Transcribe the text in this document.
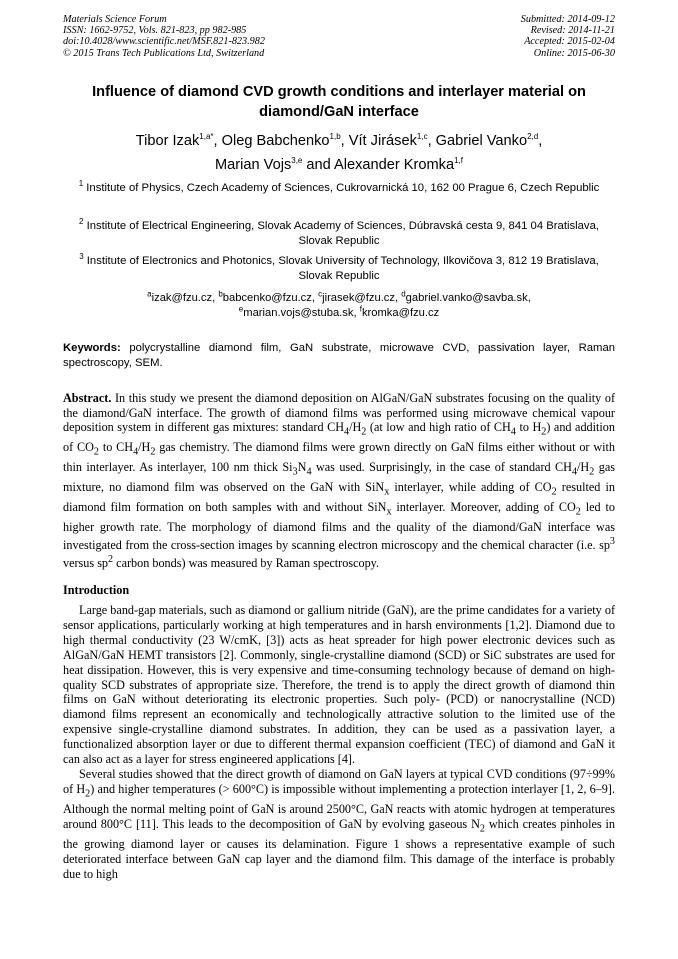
Materials Science Forum
ISSN: 1662-9752, Vols. 821-823, pp 982-985
doi:10.4028/www.scientific.net/MSF.821-823.982
© 2015 Trans Tech Publications Ltd, Switzerland
Submitted: 2014-09-12
Revised: 2014-11-21
Accepted: 2015-02-04
Online: 2015-06-30
Influence of diamond CVD growth conditions and interlayer material on diamond/GaN interface
Tibor Izak$^{1,a*}$, Oleg Babchenko$^{1,b}$, Vít Jirásek$^{1,c}$, Gabriel Vanko$^{2,d}$,
Marian Vojs$^{3,e}$ and Alexander Kromka$^{1,f}$
$^1$ Institute of Physics, Czech Academy of Sciences, Cukrovarnická 10, 162 00 Prague 6, Czech Republic
$^2$ Institute of Electrical Engineering, Slovak Academy of Sciences, Dúbravská cesta 9, 841 04 Bratislava, Slovak Republic
$^3$ Institute of Electronics and Photonics, Slovak University of Technology, Ilkovičova 3, 812 19 Bratislava, Slovak Republic
$^a$izak@fzu.cz, $^b$babcenko@fzu.cz, $^c$jirasek@fzu.cz, $^d$gabriel.vanko@savba.sk,
$^e$marian.vojs@stuba.sk, $^f$kromka@fzu.cz
Keywords: polycrystalline diamond film, GaN substrate, microwave CVD, passivation layer, Raman spectroscopy, SEM.
Abstract. In this study we present the diamond deposition on AlGaN/GaN substrates focusing on the quality of the diamond/GaN interface. The growth of diamond films was performed using microwave chemical vapour deposition system in different gas mixtures: standard $CH_4/H_2$ (at low and high ratio of $CH_4$ to $H_2$) and addition of $CO_2$ to $CH_4/H_2$ gas chemistry. The diamond films were grown directly on GaN films either without or with thin interlayer. As interlayer, 100 nm thick $Si_3N_4$ was used. Surprisingly, in the case of standard $CH_4/H_2$ gas mixture, no diamond film was observed on the GaN with SiN$_x$ interlayer, while adding of $CO_2$ resulted in diamond film formation on both samples with and without SiN$_x$ interlayer. Moreover, adding of $CO_2$ led to higher growth rate. The morphology of diamond films and the quality of the diamond/GaN interface was investigated from the cross-section images by scanning electron microscopy and the chemical character (i.e. $sp^3$ versus $sp^2$ carbon bonds) was measured by Raman spectroscopy.
Introduction

Large band-gap materials, such as diamond or gallium nitride (GaN), are the prime candidates for a variety of sensor applications, particularly working at high temperatures and in harsh environments [1,2]. Diamond due to high thermal conductivity (23 W/cmK, [3]) acts as heat spreader for high power electronic devices such as AlGaN/GaN HEMT transistors [2]. Commonly, single-crystalline diamond (SCD) or SiC substrates are used for heat dissipation. However, this is very expensive and time-consuming technology because of demand on high-quality SCD substrates of appropriate size. Therefore, the trend is to apply the direct growth of diamond thin films on GaN without deteriorating its electronic properties. Such poly- (PCD) or nanocrystalline (NCD) diamond films represent an economically and technologically attractive solution to the limited use of the expensive single-crystalline diamond substrates. In addition, they can be used as a passivation layer, a functionalized absorption layer or due to different thermal expansion coefficient (TEC) of diamond and GaN it can also act as a layer for stress engineered applications [4].

Several studies showed that the direct growth of diamond on GaN layers at typical CVD conditions (97÷99% of $H_2$) and higher temperatures (> 600°C) is impossible without implementing a protection interlayer [1, 2, 6–9]. Although the normal melting point of GaN is around 2500°C, GaN reacts with atomic hydrogen at temperatures around 800°C [11]. This leads to the decomposition of GaN by evolving gaseous $N_2$ which creates pinholes in the growing diamond layer or causes its delamination. Figure 1 shows a representative example of such deteriorated interface between GaN cap layer and the diamond film. This damage of the interface is probably due to high
